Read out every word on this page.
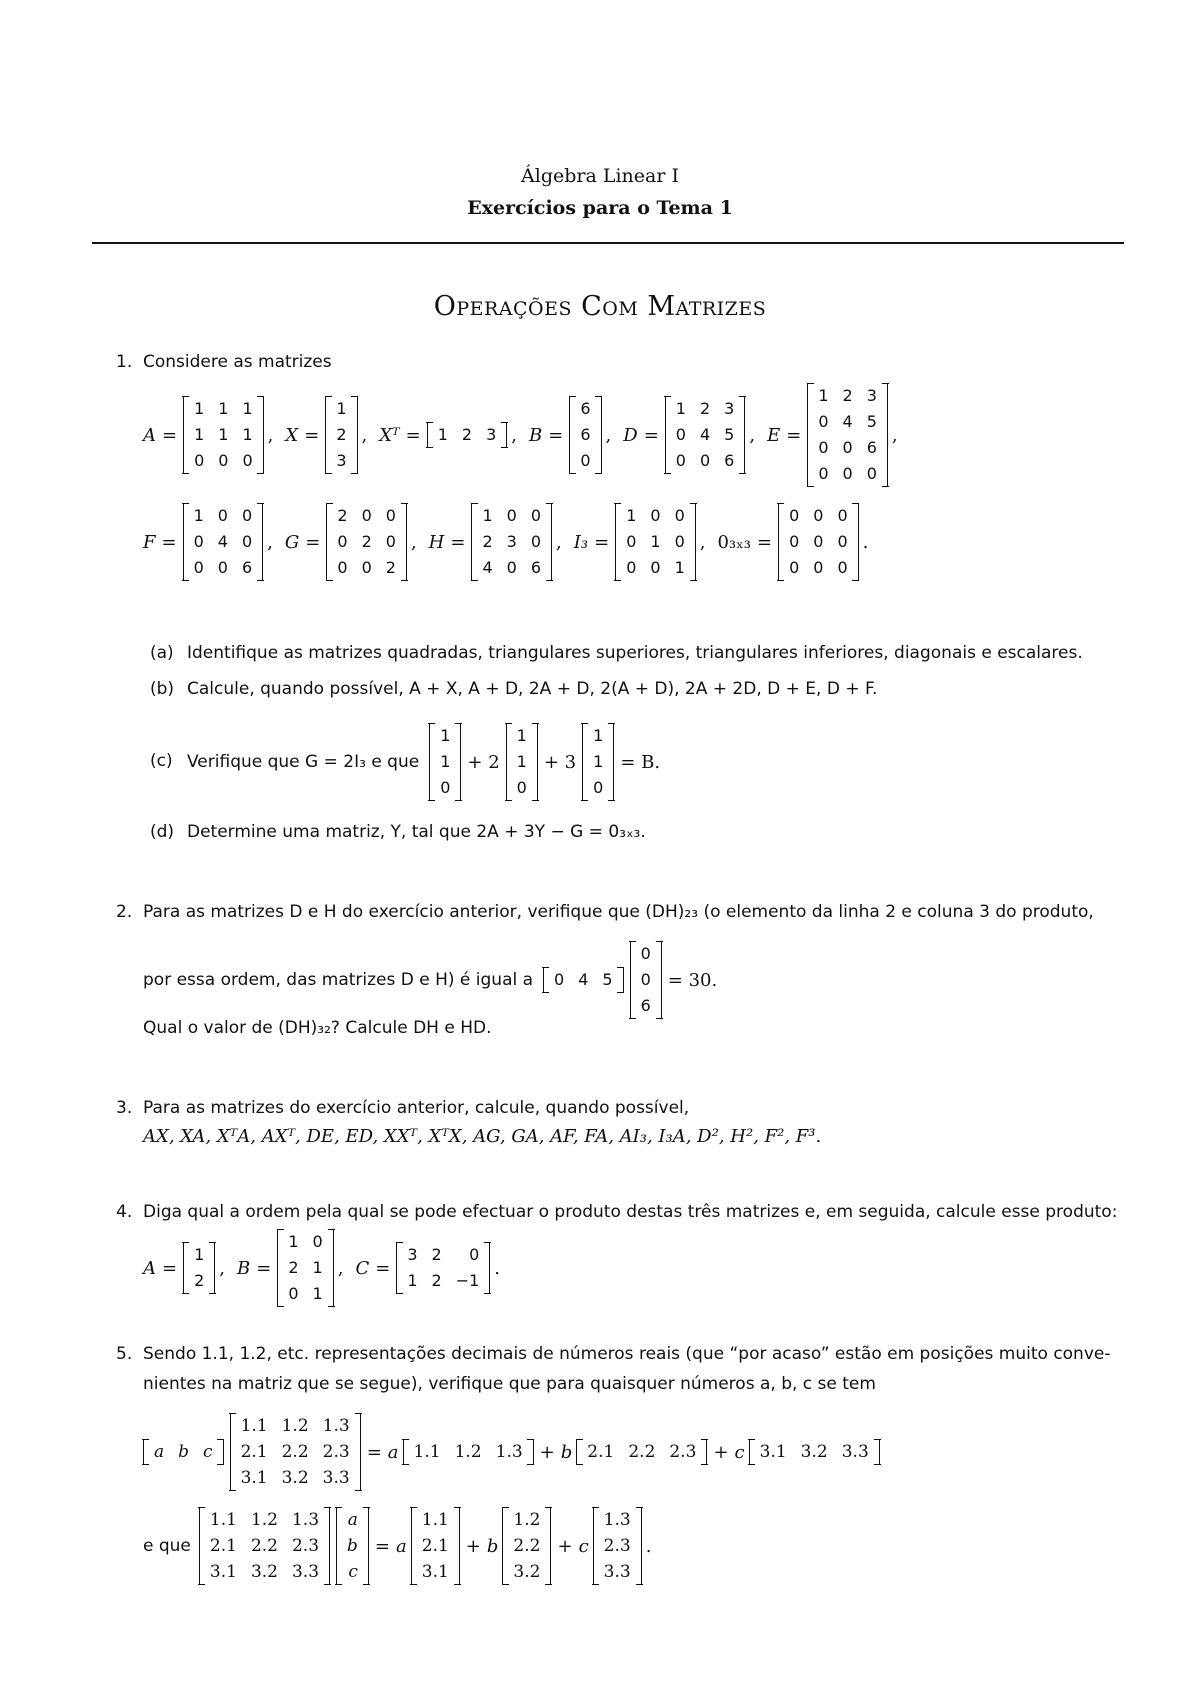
Álgebra Linear I
Exercícios para o Tema 1
Operações Com Matrizes
1. Considere as matrizes
A =
1	1	1
1	1	1
0	0	0
, X =
1
2
3
, Xᵀ = 1	2	3 , B =
6
6
0
, D =
1	2	3
0	4	5
0	0	6
, E =
1	2	3
0	4	5
0	0	6
0	0	0
,
F =
1	0	0
0	4	0
0	0	6
, G =
2	0	0
0	2	0
0	0	2
, H =
1	0	0
2	3	0
4	0	6
, I₃ =
1	0	0
0	1	0
0	0	1
, 0₃ₓ₃ =
0	0	0
0	0	0
0	0	0
.
(a) Identifique as matrizes quadradas, triangulares superiores, triangulares inferiores, diagonais e escalares.
(b) Calcule, quando possível, A + X, A + D, 2A + D, 2(A + D), 2A + 2D, D + E, D + F.
(c) Verifique que G = 2I₃ e que
1
1
0
+ 2
1
1
0
+ 3
1
1
0
= B.
(d) Determine uma matriz, Y, tal que 2A + 3Y − G = 0₃ₓ₃.
2. Para as matrizes D e H do exercício anterior, verifique que (DH)₂₃ (o elemento da linha 2 e coluna 3 do produto,
por essa ordem, das matrizes D e H) é igual a 0	4	5
0
0
6
= 30.
Qual o valor de (DH)₃₂? Calcule DH e HD.
3. Para as matrizes do exercício anterior, calcule, quando possível,
AX, XA, XᵀA, AXᵀ, DE, ED, XXᵀ, XᵀX, AG, GA, AF, FA, AI₃, I₃A, D², H², F², F³.
4. Diga qual a ordem pela qual se pode efectuar o produto destas três matrizes e, em seguida, calcule esse produto:
A =
1
2
, B =
1	0
2	1
0	1
, C =
3	2	0
1	2	−1
.
5. Sendo 1.1, 1.2, etc. representações decimais de números reais (que “por acaso” estão em posições muito conve-
nientes na matriz que se segue), verifique que para quaisquer números a, b, c se tem
a	b	c
1.1	1.2	1.3
2.1	2.2	2.3
3.1	3.2	3.3
= a 1.1	1.2	1.3 + b 2.1	2.2	2.3 + c 3.1	3.2	3.3
e que
1.1	1.2	1.3
2.1	2.2	2.3
3.1	3.2	3.3
a
b
c
= a
1.1
2.1
3.1
+ b
1.2
2.2
3.2
+ c
1.3
2.3
3.3
.
